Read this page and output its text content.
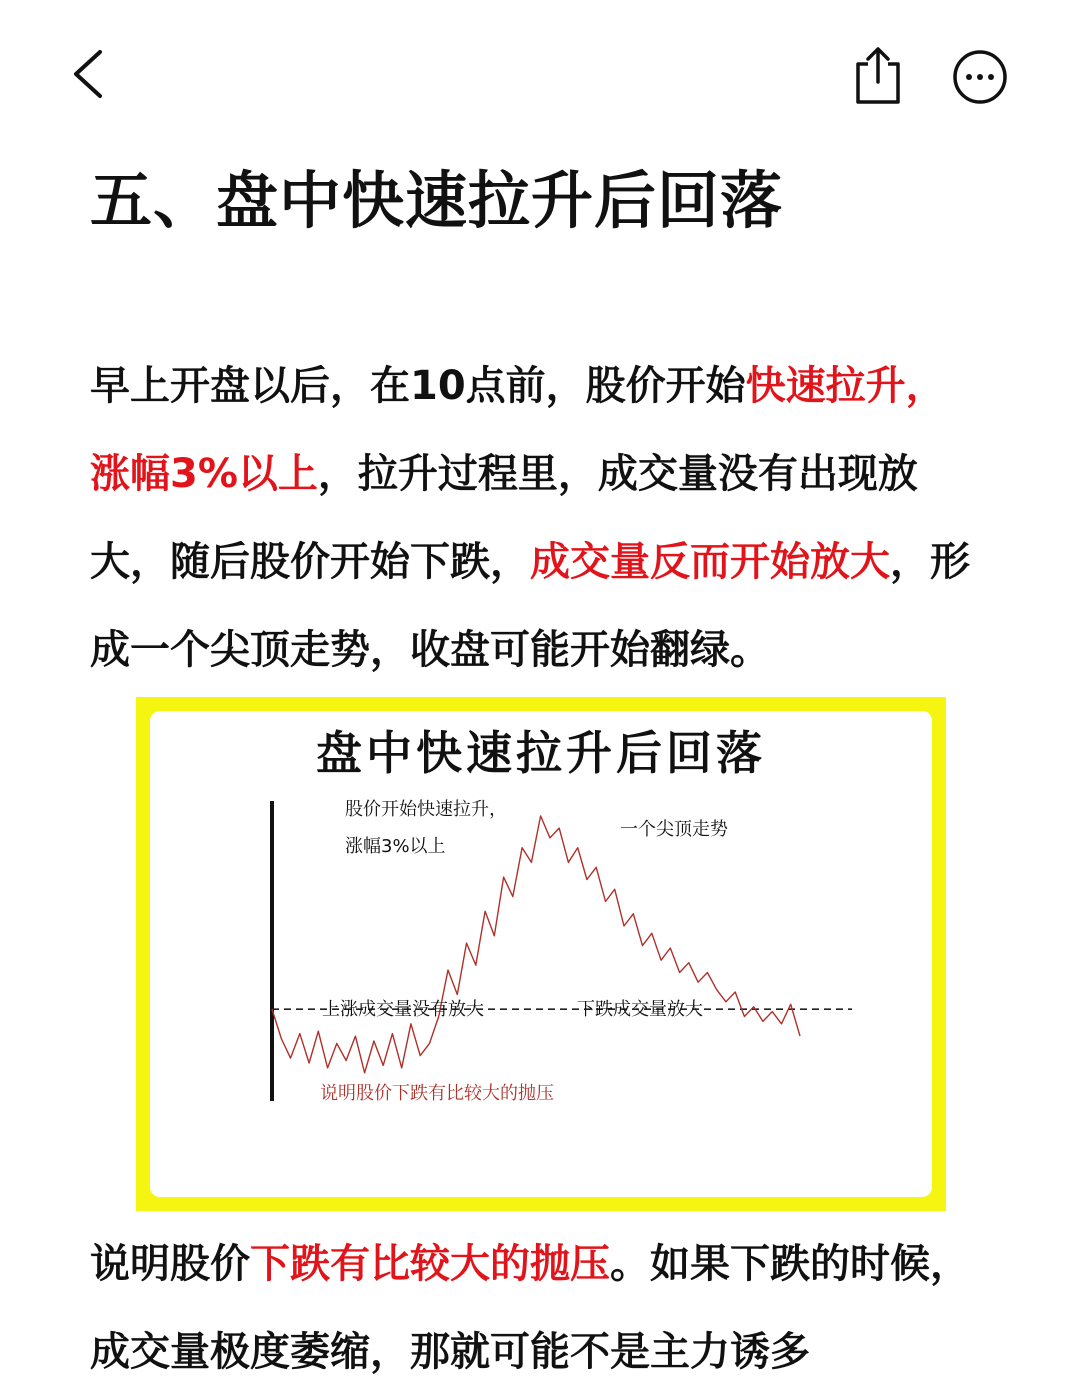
五、盘中快速拉升后回落

早上开盘以后，在10点前，股价开始快速拉升，涨幅3%以上，拉升过程里，成交量没有出现放大，随后股价开始下跌，成交量反而开始放大，形成一个尖顶走势，收盘可能开始翻绿。

盘中快速拉升后回落
股价开始快速拉升，
涨幅3%以上
一个尖顶走势
上涨成交量没有放大	下跌成交量放大
说明股价下跌有比较大的抛压

说明股价下跌有比较大的抛压。如果下跌的时候，成交量极度萎缩，那就可能不是主力诱多
